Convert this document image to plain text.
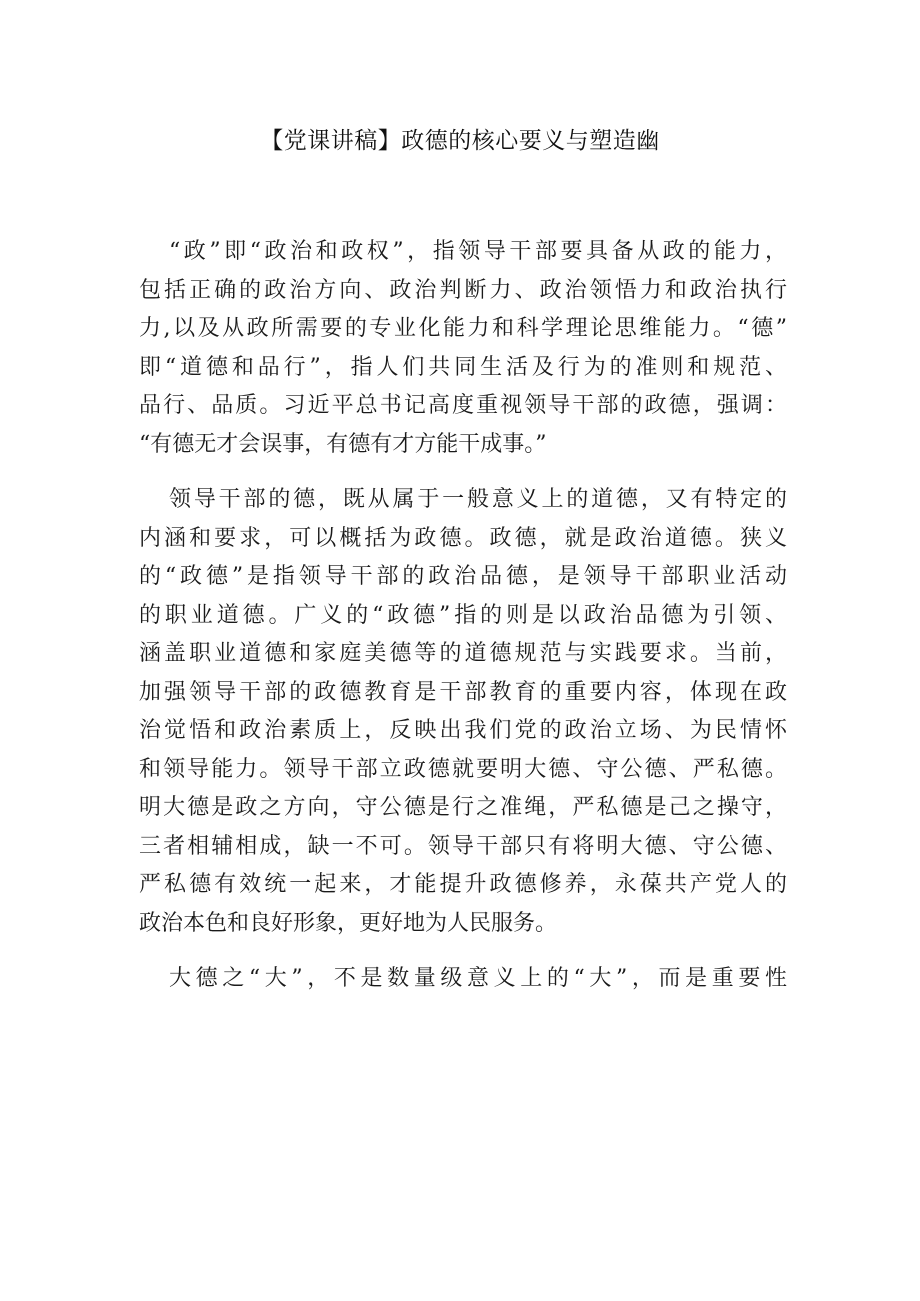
【党课讲稿】政德的核心要义与塑造幽
“政”即“政治和政权”，指领导干部要具备从政的能力，
包括正确的政治方向、政治判断力、政治领悟力和政治执行
力,以及从政所需要的专业化能力和科学理论思维能力。“德”
即“道德和品行”，指人们共同生活及行为的准则和规范、
品行、品质。习近平总书记高度重视领导干部的政德，强调：
“有德无才会误事，有德有才方能干成事。”
领导干部的德，既从属于一般意义上的道德，又有特定的
内涵和要求，可以概括为政德。政德，就是政治道德。狭义
的“政德”是指领导干部的政治品德，是领导干部职业活动
的职业道德。广义的“政德”指的则是以政治品德为引领、
涵盖职业道德和家庭美德等的道德规范与实践要求。当前，
加强领导干部的政德教育是干部教育的重要内容，体现在政
治觉悟和政治素质上，反映出我们党的政治立场、为民情怀
和领导能力。领导干部立政德就要明大德、守公德、严私德。
明大德是政之方向，守公德是行之准绳，严私德是己之操守，
三者相辅相成，缺一不可。领导干部只有将明大德、守公德、
严私德有效统一起来，才能提升政德修养，永葆共产党人的
政治本色和良好形象，更好地为人民服务。
大德之“大”，不是数量级意义上的“大”，而是重要性
